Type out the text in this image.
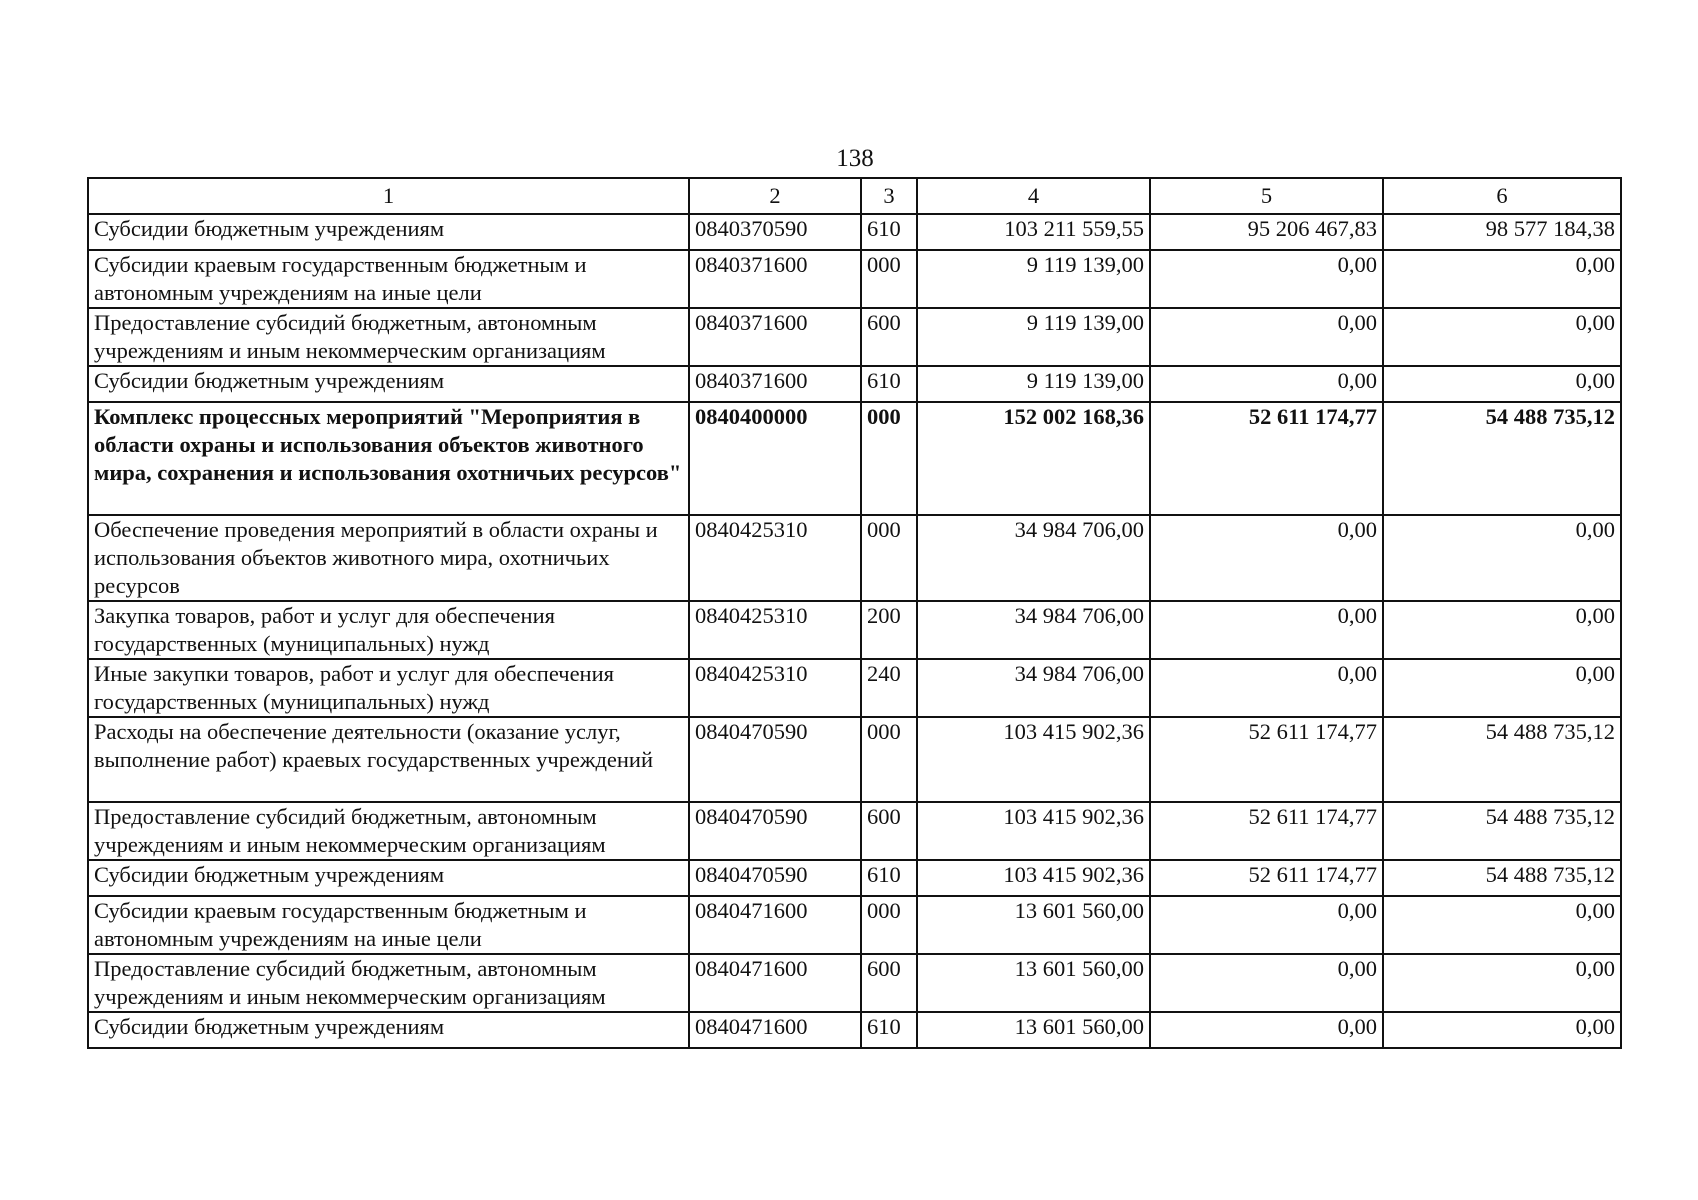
138
1	2	3	4	5	6
Субсидии бюджетным учреждениям	0840370590	610	103 211 559,55	95 206 467,83	98 577 184,38
Субсидии краевым государственным бюджетным и автономным учреждениям на иные цели	0840371600	000	9 119 139,00	0,00	0,00
Предоставление субсидий бюджетным, автономным учреждениям и иным некоммерческим организациям	0840371600	600	9 119 139,00	0,00	0,00
Субсидии бюджетным учреждениям	0840371600	610	9 119 139,00	0,00	0,00
Комплекс процессных мероприятий "Мероприятия в области охраны и использования объектов животного мира, сохранения и использования охотничьих ресурсов"	0840400000	000	152 002 168,36	52 611 174,77	54 488 735,12
Обеспечение проведения мероприятий в области охраны и использования объектов животного мира, охотничьих ресурсов	0840425310	000	34 984 706,00	0,00	0,00
Закупка товаров, работ и услуг для обеспечения государственных (муниципальных) нужд	0840425310	200	34 984 706,00	0,00	0,00
Иные закупки товаров, работ и услуг для обеспечения государственных (муниципальных) нужд	0840425310	240	34 984 706,00	0,00	0,00
Расходы на обеспечение деятельности (оказание услуг, выполнение работ) краевых государственных учреждений	0840470590	000	103 415 902,36	52 611 174,77	54 488 735,12
Предоставление субсидий бюджетным, автономным учреждениям и иным некоммерческим организациям	0840470590	600	103 415 902,36	52 611 174,77	54 488 735,12
Субсидии бюджетным учреждениям	0840470590	610	103 415 902,36	52 611 174,77	54 488 735,12
Субсидии краевым государственным бюджетным и автономным учреждениям на иные цели	0840471600	000	13 601 560,00	0,00	0,00
Предоставление субсидий бюджетным, автономным учреждениям и иным некоммерческим организациям	0840471600	600	13 601 560,00	0,00	0,00
Субсидии бюджетным учреждениям	0840471600	610	13 601 560,00	0,00	0,00
